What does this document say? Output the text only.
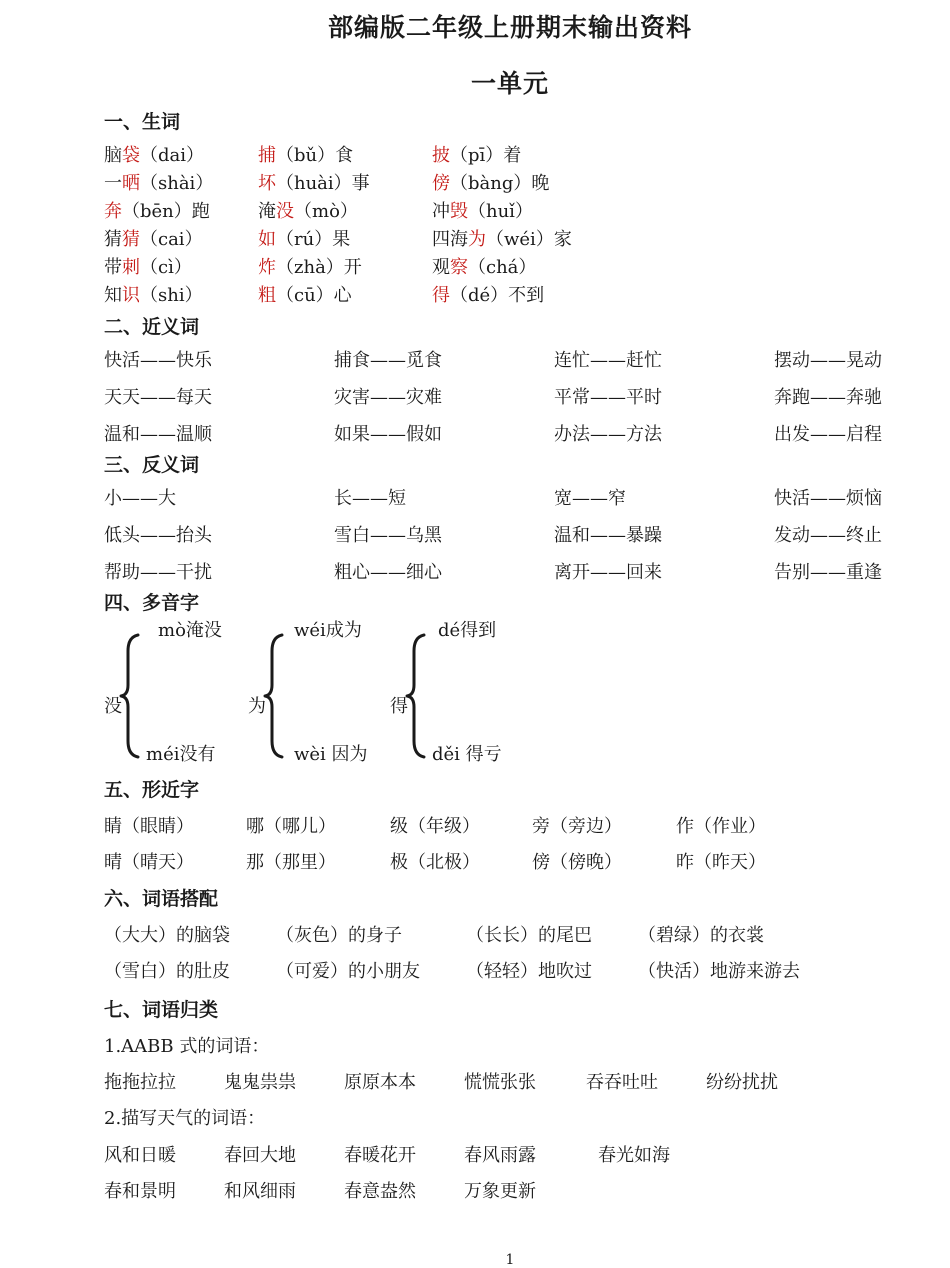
部编版二年级上册期末输出资料
一单元
一、生词
脑袋（dai）	捕（bǔ）食	披（pī）着
一晒（shài） 坏（huài）事	傍（bàng）晚
奔（bēn）跑	淹没（mò）	冲毁（huǐ）
猜猜（cai）	如（rú）果	四海为（wéi）家
带刺（cì）	炸（zhà）开	观察（chá）
知识（shi）	粗（cū）心	得（dé）不到
二、近义词
快活——快乐	捕食——觅食	连忙——赶忙	摆动——晃动
天天——每天	灾害——灾难	平常——平时	奔跑——奔驰
温和——温顺	如果——假如	办法——方法	出发——启程
三、反义词
小——大	长——短	宽——窄	快活——烦恼
低头——抬头	雪白——乌黑	温和——暴躁	发动——终止
帮助——干扰	粗心——细心	离开——回来	告别——重逢
四、多音字
没
mò淹没
méi没有
为
wéi成为
wèi 因为
得
dé得到
děi 得亏
五、形近字
睛（眼睛）	哪（哪儿）	级（年级）	旁（旁边）	作（作业）
晴（晴天）	那（那里）	极（北极）	傍（傍晚）	昨（昨天）
六、词语搭配
（大大）的脑袋	（灰色）的身子	（长长）的尾巴	（碧绿）的衣裳
（雪白）的肚皮	（可爱）的小朋友	（轻轻）地吹过	（快活）地游来游去
七、词语归类
1.AABB 式的词语：
拖拖拉拉	鬼鬼祟祟	原原本本	慌慌张张	吞吞吐吐	纷纷扰扰
2.描写天气的词语：
风和日暖	春回大地	春暖花开	春风雨露	春光如海
春和景明	和风细雨	春意盎然	万象更新
1
